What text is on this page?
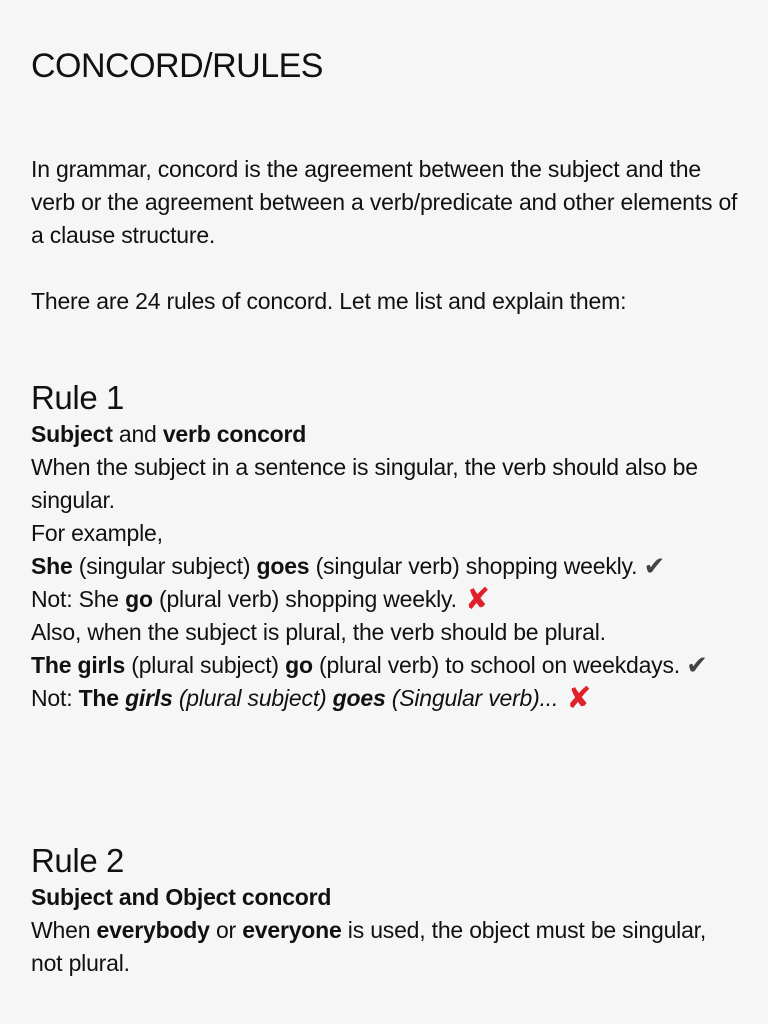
CONCORD/RULES

In grammar, concord is the agreement between the subject and the verb or the agreement between a verb/predicate and other elements of a clause structure.

There are 24 rules of concord. Let me list and explain them:

Rule 1
Subject and verb concord
When the subject in a sentence is singular, the verb should also be singular.
For example,
She (singular subject) goes (singular verb) shopping weekly. ✔
Not: She go (plural verb) shopping weekly. ✘
Also, when the subject is plural, the verb should be plural.
The girls (plural subject) go (plural verb) to school on weekdays. ✔
Not: The girls (plural subject) goes (Singular verb)... ✘
Rule 2
Subject and Object concord
When everybody or everyone is used, the object must be singular, not plural.
